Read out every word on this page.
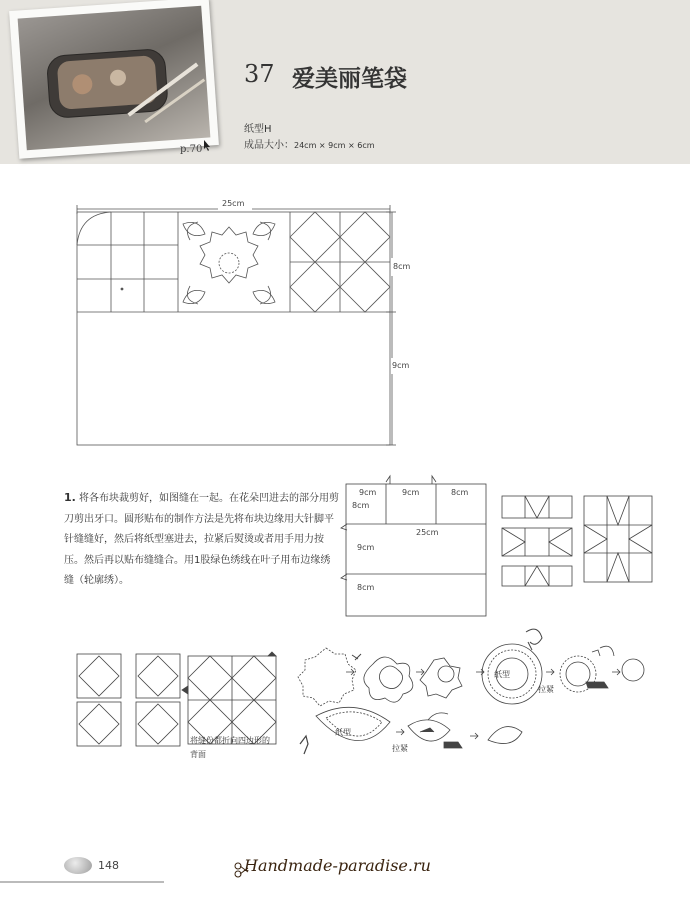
37 爱美丽笔袋
纸型H
成品大小：24cm × 9cm × 6cm
p.70
25cm
8cm
9cm
1. 将各布块裁剪好，如图缝在一起。在花朵凹进去的部分用剪刀剪出牙口。圆形贴布的制作方法是先将布块边缘用大针脚平针缝缝好，然后将纸型塞进去，拉紧后熨烫或者用手用力按压。然后再以贴布缝缝合。用1股绿色绣线在叶子用布边缘绣缝（轮廓绣）。
9cm	9cm	8cm
8cm
25cm
9cm
8cm
将缝份都折向四边形的背面
纸型
拉紧
纸型
拉紧
148	Handmade-paradise.ru
